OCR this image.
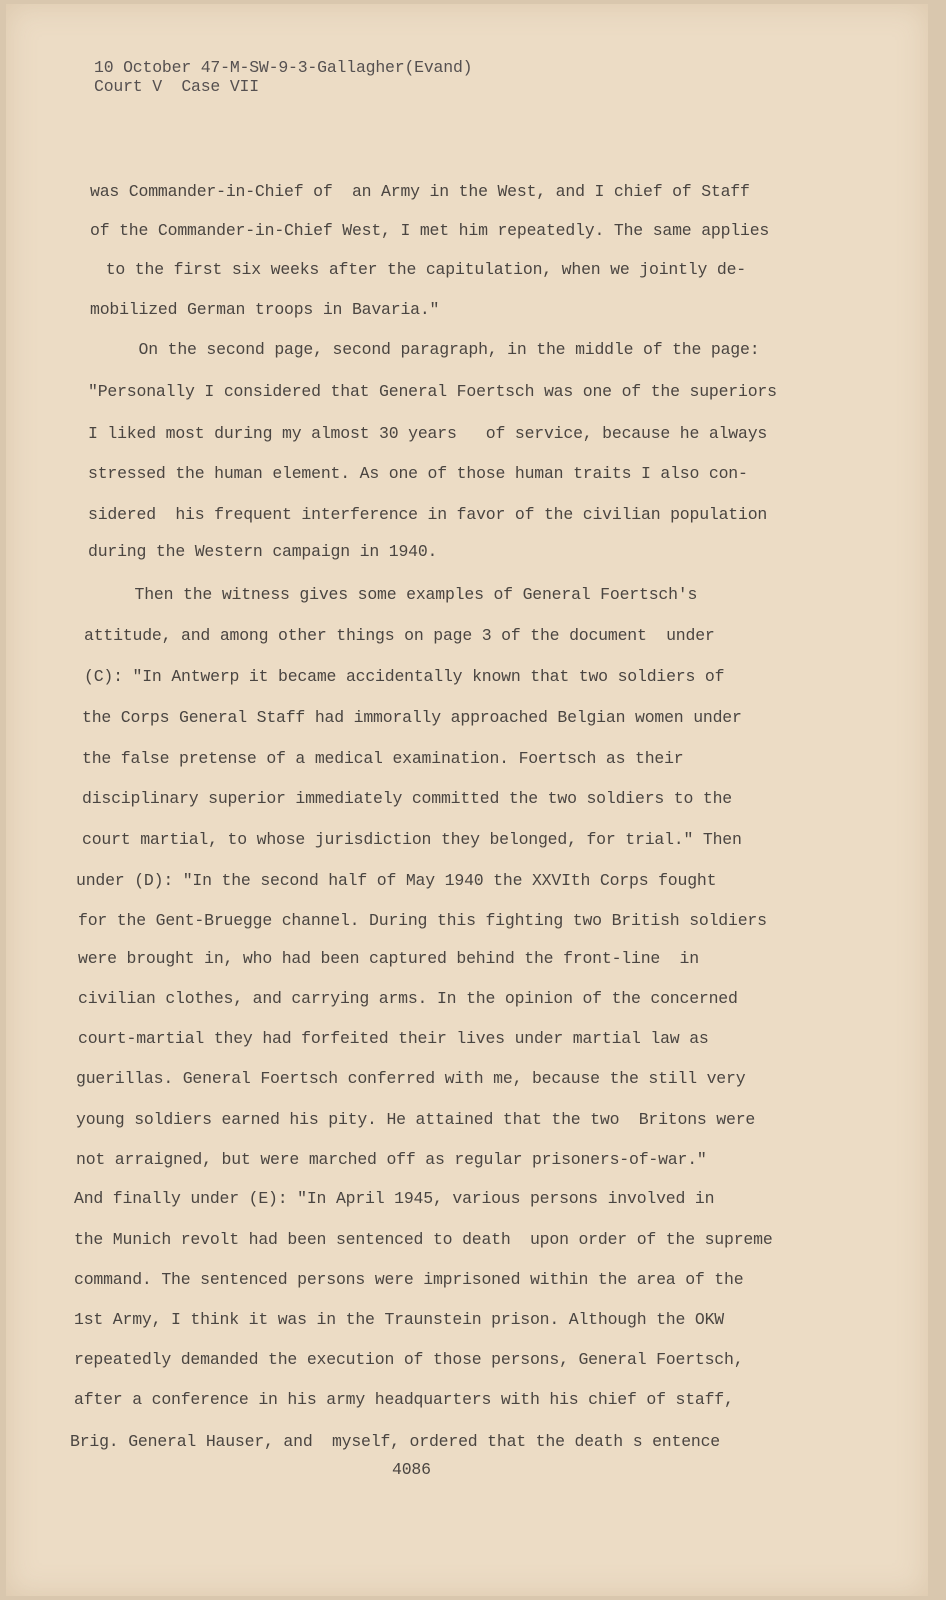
10 October 47-M-SW-9-3-Gallagher(Evand)
Court V  Case VII
was Commander-in-Chief of  an Army in the West, and I chief of Staff
of the Commander-in-Chief West, I met him repeatedly. The same applies
to the first six weeks after the capitulation, when we jointly de-
mobilized German troops in Bavaria."
On the second page, second paragraph, in the middle of the page:
"Personally I considered that General Foertsch was one of the superiors
I liked most during my almost 30 years   of service, because he always
stressed the human element. As one of those human traits I also con-
sidered  his frequent interference in favor of the civilian population
during the Western campaign in 1940.
Then the witness gives some examples of General Foertsch's
attitude, and among other things on page 3 of the document  under
(C): "In Antwerp it became accidentally known that two soldiers of
the Corps General Staff had immorally approached Belgian women under
the false pretense of a medical examination. Foertsch as their
disciplinary superior immediately committed the two soldiers to the
court martial, to whose jurisdiction they belonged, for trial." Then
under (D): "In the second half of May 1940 the XXVIth Corps fought
for the Gent-Bruegge channel. During this fighting two British soldiers
were brought in, who had been captured behind the front-line  in
civilian clothes, and carrying arms. In the opinion of the concerned
court-martial they had forfeited their lives under martial law as
guerillas. General Foertsch conferred with me, because the still very
young soldiers earned his pity. He attained that the two  Britons were
not arraigned, but were marched off as regular prisoners-of-war."
And finally under (E): "In April 1945, various persons involved in
the Munich revolt had been sentenced to death  upon order of the supreme
command. The sentenced persons were imprisoned within the area of the
1st Army, I think it was in the Traunstein prison. Although the OKW
repeatedly demanded the execution of those persons, General Foertsch,
after a conference in his army headquarters with his chief of staff,
Brig. General Hauser, and  myself, ordered that the death s entence
4086
